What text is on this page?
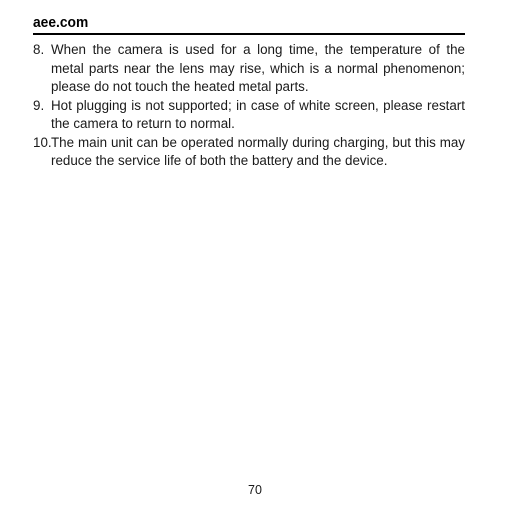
aee.com
8. When the camera is used for a long time, the temperature of the metal parts near the lens may rise, which is a normal phenomenon; please do not touch the heated metal parts.
9. Hot plugging is not supported; in case of white screen, please restart the camera to return to normal.
10. The main unit can be operated normally during charging, but this may reduce the service life of both the battery and the device.
70
